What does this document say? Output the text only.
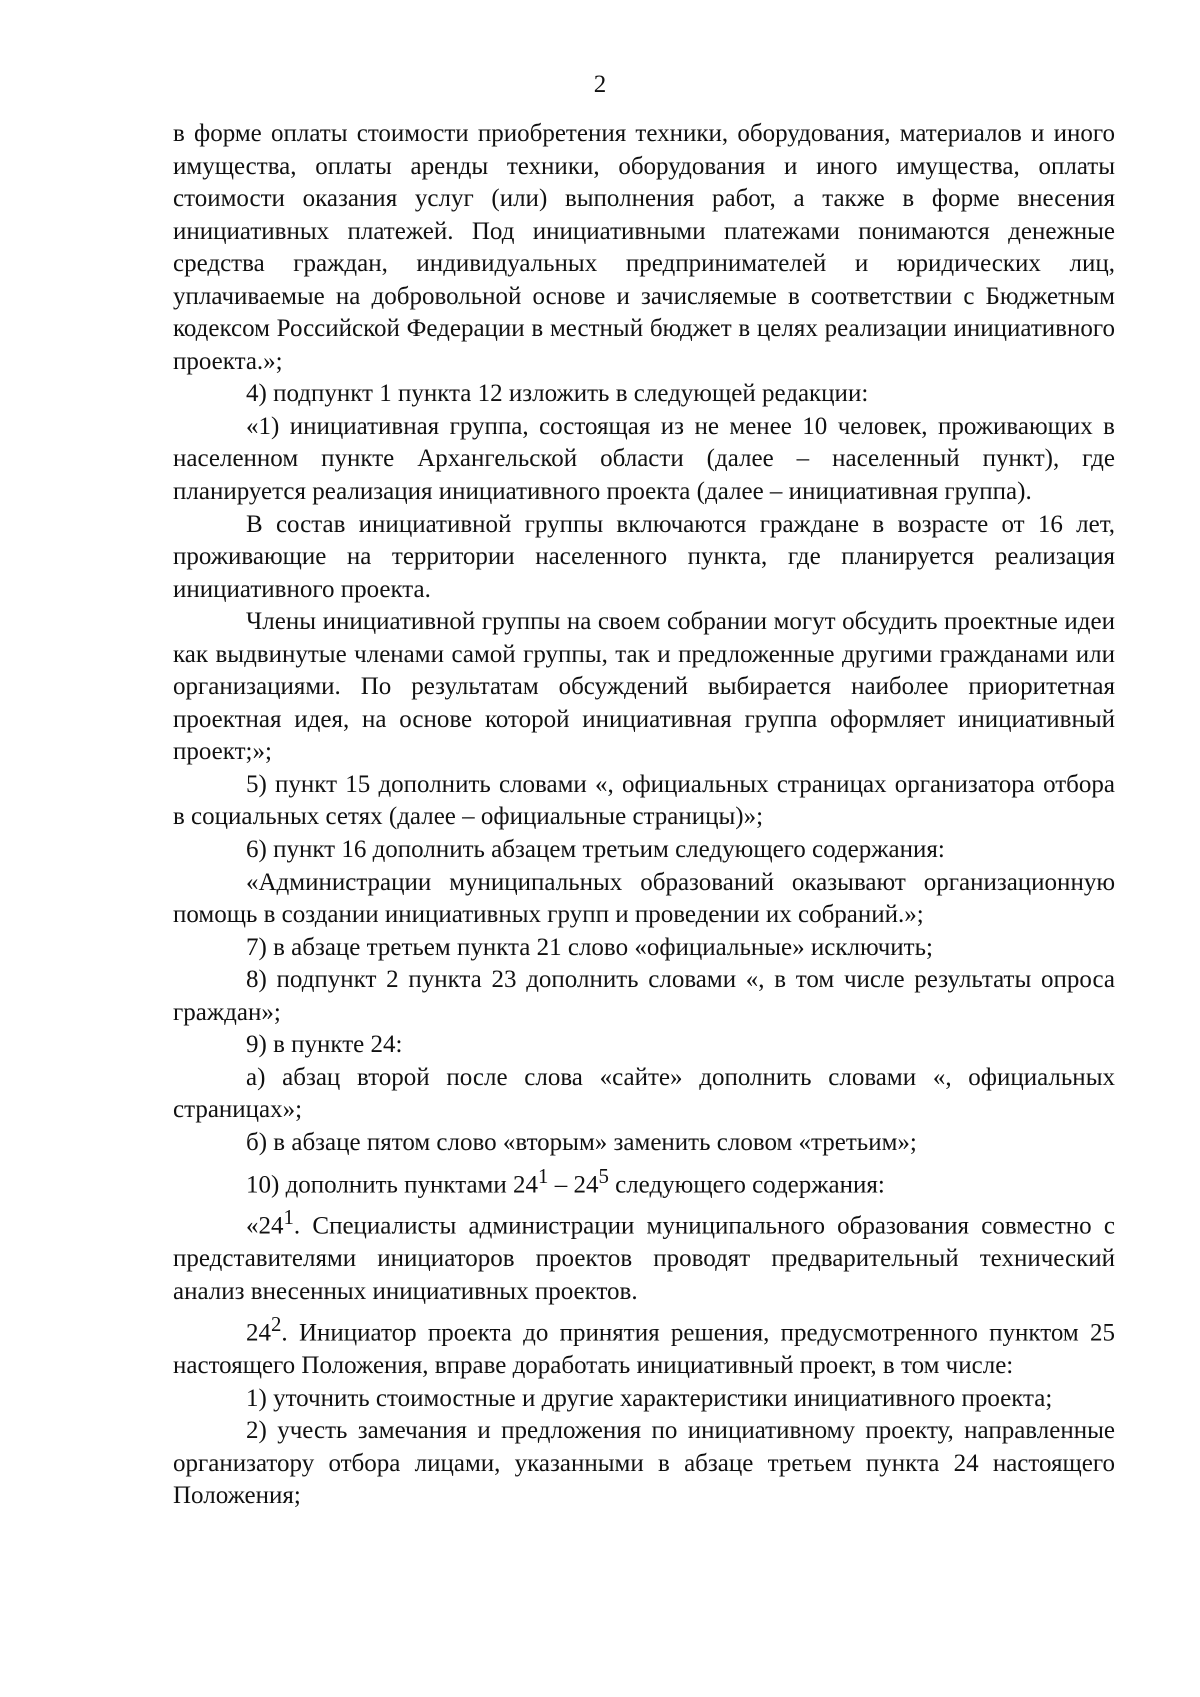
2

в форме оплаты стоимости приобретения техники, оборудования, материалов и иного имущества, оплаты аренды техники, оборудования и иного имущества, оплаты стоимости оказания услуг (или) выполнения работ, а также в форме внесения инициативных платежей. Под инициативными платежами понимаются денежные средства граждан, индивидуальных предпринимателей и юридических лиц, уплачиваемые на добровольной основе и зачисляемые в соответствии с Бюджетным кодексом Российской Федерации в местный бюджет в целях реализации инициативного проекта.»;

4) подпункт 1 пункта 12 изложить в следующей редакции:

«1) инициативная группа, состоящая из не менее 10 человек, проживающих в населенном пункте Архангельской области (далее – населенный пункт), где планируется реализация инициативного проекта (далее – инициативная группа).

В состав инициативной группы включаются граждане в возрасте от 16 лет, проживающие на территории населенного пункта, где планируется реализация инициативного проекта.

Члены инициативной группы на своем собрании могут обсудить проектные идеи как выдвинутые членами самой группы, так и предложенные другими гражданами или организациями. По результатам обсуждений выбирается наиболее приоритетная проектная идея, на основе которой инициативная группа оформляет инициативный проект;»;

5) пункт 15 дополнить словами «, официальных страницах организатора отбора в социальных сетях (далее – официальные страницы)»;

6) пункт 16 дополнить абзацем третьим следующего содержания:

«Администрации муниципальных образований оказывают организационную помощь в создании инициативных групп и проведении их собраний.»;

7) в абзаце третьем пункта 21 слово «официальные» исключить;

8) подпункт 2 пункта 23 дополнить словами «, в том числе результаты опроса граждан»;

9) в пункте 24:

а) абзац второй после слова «сайте» дополнить словами «, официальных страницах»;

б) в абзаце пятом слово «вторым» заменить словом «третьим»;

10) дополнить пунктами $24^1 - 24^5$ следующего содержания:

«$24^1$. Специалисты администрации муниципального образования совместно с представителями инициаторов проектов проводят предварительный технический анализ внесенных инициативных проектов.

$24^2$. Инициатор проекта до принятия решения, предусмотренного пунктом 25 настоящего Положения, вправе доработать инициативный проект, в том числе:

1) уточнить стоимостные и другие характеристики инициативного проекта;

2) учесть замечания и предложения по инициативному проекту, направленные организатору отбора лицами, указанными в абзаце третьем пункта 24 настоящего Положения;
